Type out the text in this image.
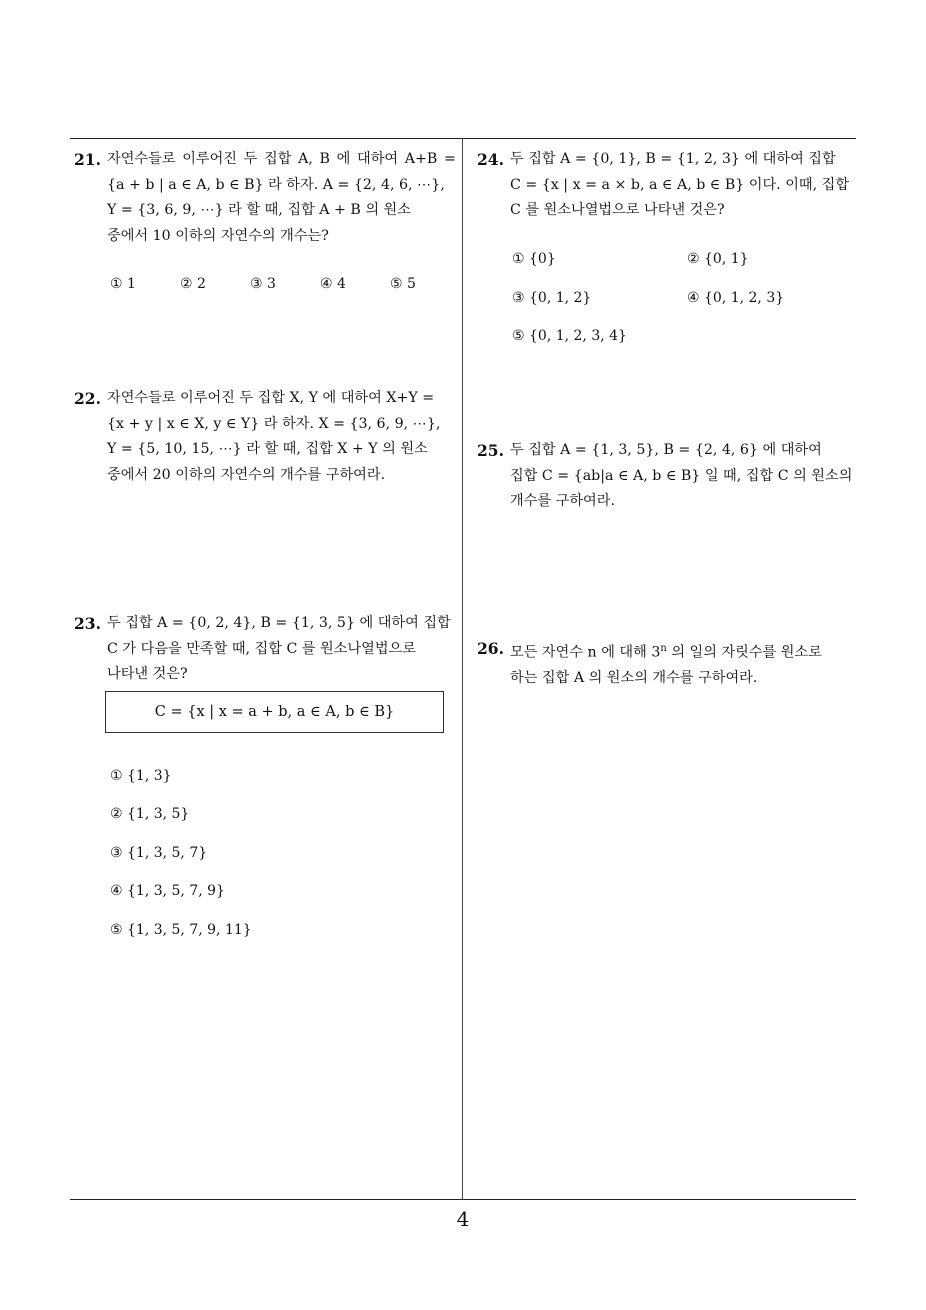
21. 자연수들로 이루어진 두 집합 A, B 에 대하여 A+B =
{a + b | a ∈ A, b ∈ B} 라 하자. A = {2, 4, 6, ⋯},
Y = {3, 6, 9, ⋯} 라 할 때, 집합 A + B 의 원소
중에서 10 이하의 자연수의 개수는?
① 1	② 2	③ 3	④ 4	⑤ 5
22. 자연수들로 이루어진 두 집합 X, Y 에 대하여 X+Y =
{x + y | x ∈ X, y ∈ Y} 라 하자. X = {3, 6, 9, ⋯},
Y = {5, 10, 15, ⋯} 라 할 때, 집합 X + Y 의 원소
중에서 20 이하의 자연수의 개수를 구하여라.
23. 두 집합 A = {0, 2, 4}, B = {1, 3, 5} 에 대하여 집합
C 가 다음을 만족할 때, 집합 C 를 원소나열법으로
나타낸 것은?
C = {x | x = a + b, a ∈ A, b ∈ B}
① {1, 3}
② {1, 3, 5}
③ {1, 3, 5, 7}
④ {1, 3, 5, 7, 9}
⑤ {1, 3, 5, 7, 9, 11}
24. 두 집합 A = {0, 1}, B = {1, 2, 3} 에 대하여 집합
C = {x | x = a × b, a ∈ A, b ∈ B} 이다. 이때, 집합
C 를 원소나열법으로 나타낸 것은?
① {0}	② {0, 1}
③ {0, 1, 2}	④ {0, 1, 2, 3}
⑤ {0, 1, 2, 3, 4}
25. 두 집합 A = {1, 3, 5}, B = {2, 4, 6} 에 대하여
집합 C = {ab|a ∈ A, b ∈ B} 일 때, 집합 C 의 원소의
개수를 구하여라.
26. 모든 자연수 n 에 대해 3$^n$ 의 일의 자릿수를 원소로
하는 집합 A 의 원소의 개수를 구하여라.
4
